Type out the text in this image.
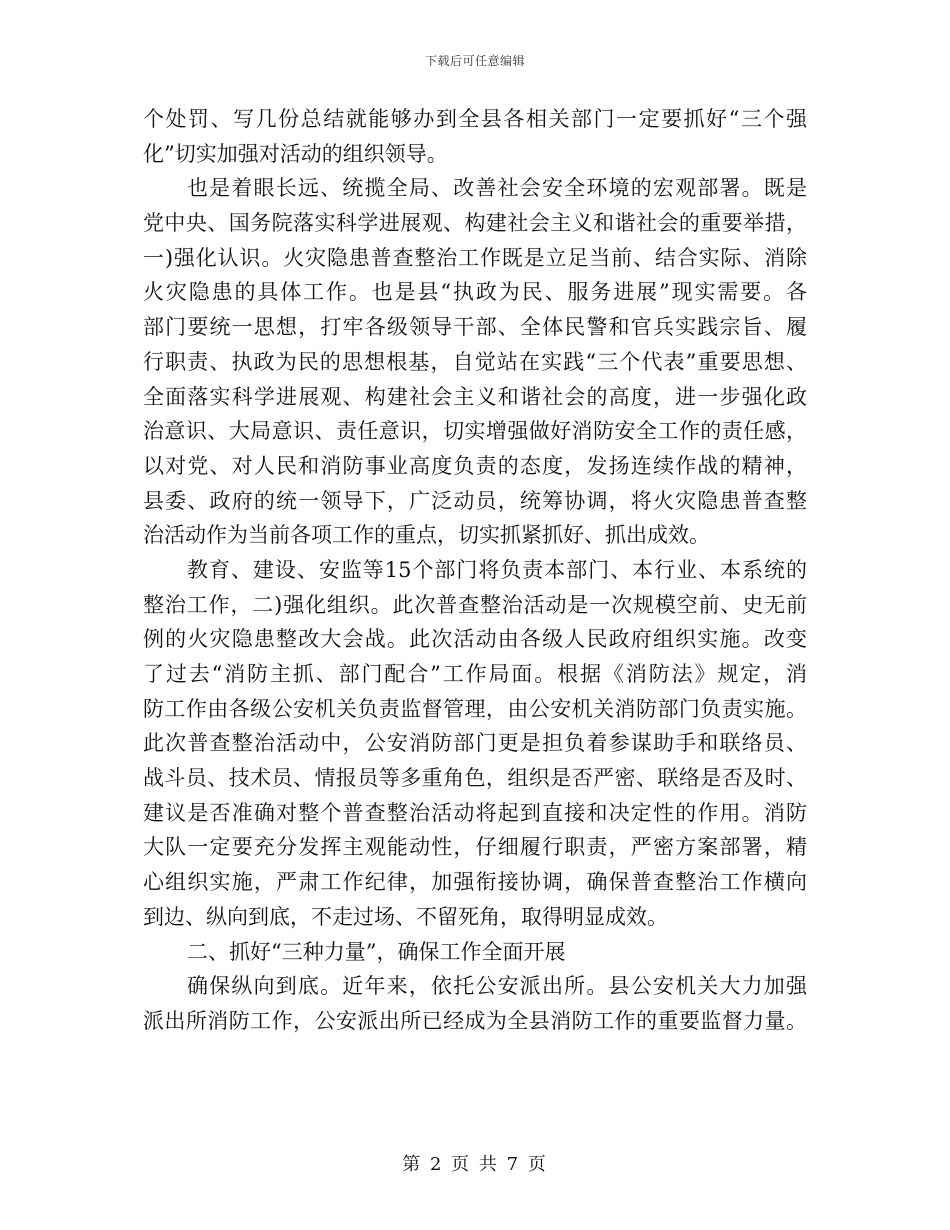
下载后可任意编辑
个处罚、写几份总结就能够办到全县各相关部门一定要抓好“三个强
化”切实加强对活动的组织领导。
也是着眼长远、统揽全局、改善社会安全环境的宏观部署。既是
党中央、国务院落实科学进展观、构建社会主义和谐社会的重要举措，
一)强化认识。火灾隐患普查整治工作既是立足当前、结合实际、消除
火灾隐患的具体工作。也是县“执政为民、服务进展”现实需要。各
部门要统一思想，打牢各级领导干部、全体民警和官兵实践宗旨、履
行职责、执政为民的思想根基，自觉站在实践“三个代表”重要思想、
全面落实科学进展观、构建社会主义和谐社会的高度，进一步强化政
治意识、大局意识、责任意识，切实增强做好消防安全工作的责任感，
以对党、对人民和消防事业高度负责的态度，发扬连续作战的精神，
县委、政府的统一领导下，广泛动员，统筹协调，将火灾隐患普查整
治活动作为当前各项工作的重点，切实抓紧抓好、抓出成效。
教育、建设、安监等15个部门将负责本部门、本行业、本系统的
整治工作，二)强化组织。此次普查整治活动是一次规模空前、史无前
例的火灾隐患整改大会战。此次活动由各级人民政府组织实施。改变
了过去“消防主抓、部门配合”工作局面。根据《消防法》规定，消
防工作由各级公安机关负责监督管理，由公安机关消防部门负责实施。
此次普查整治活动中，公安消防部门更是担负着参谋助手和联络员、
战斗员、技术员、情报员等多重角色，组织是否严密、联络是否及时、
建议是否准确对整个普查整治活动将起到直接和决定性的作用。消防
大队一定要充分发挥主观能动性，仔细履行职责，严密方案部署，精
心组织实施，严肃工作纪律，加强衔接协调，确保普查整治工作横向
到边、纵向到底，不走过场、不留死角，取得明显成效。
二、抓好“三种力量”，确保工作全面开展
确保纵向到底。近年来，依托公安派出所。县公安机关大力加强
派出所消防工作，公安派出所已经成为全县消防工作的重要监督力量。
第 2 页 共 7 页
